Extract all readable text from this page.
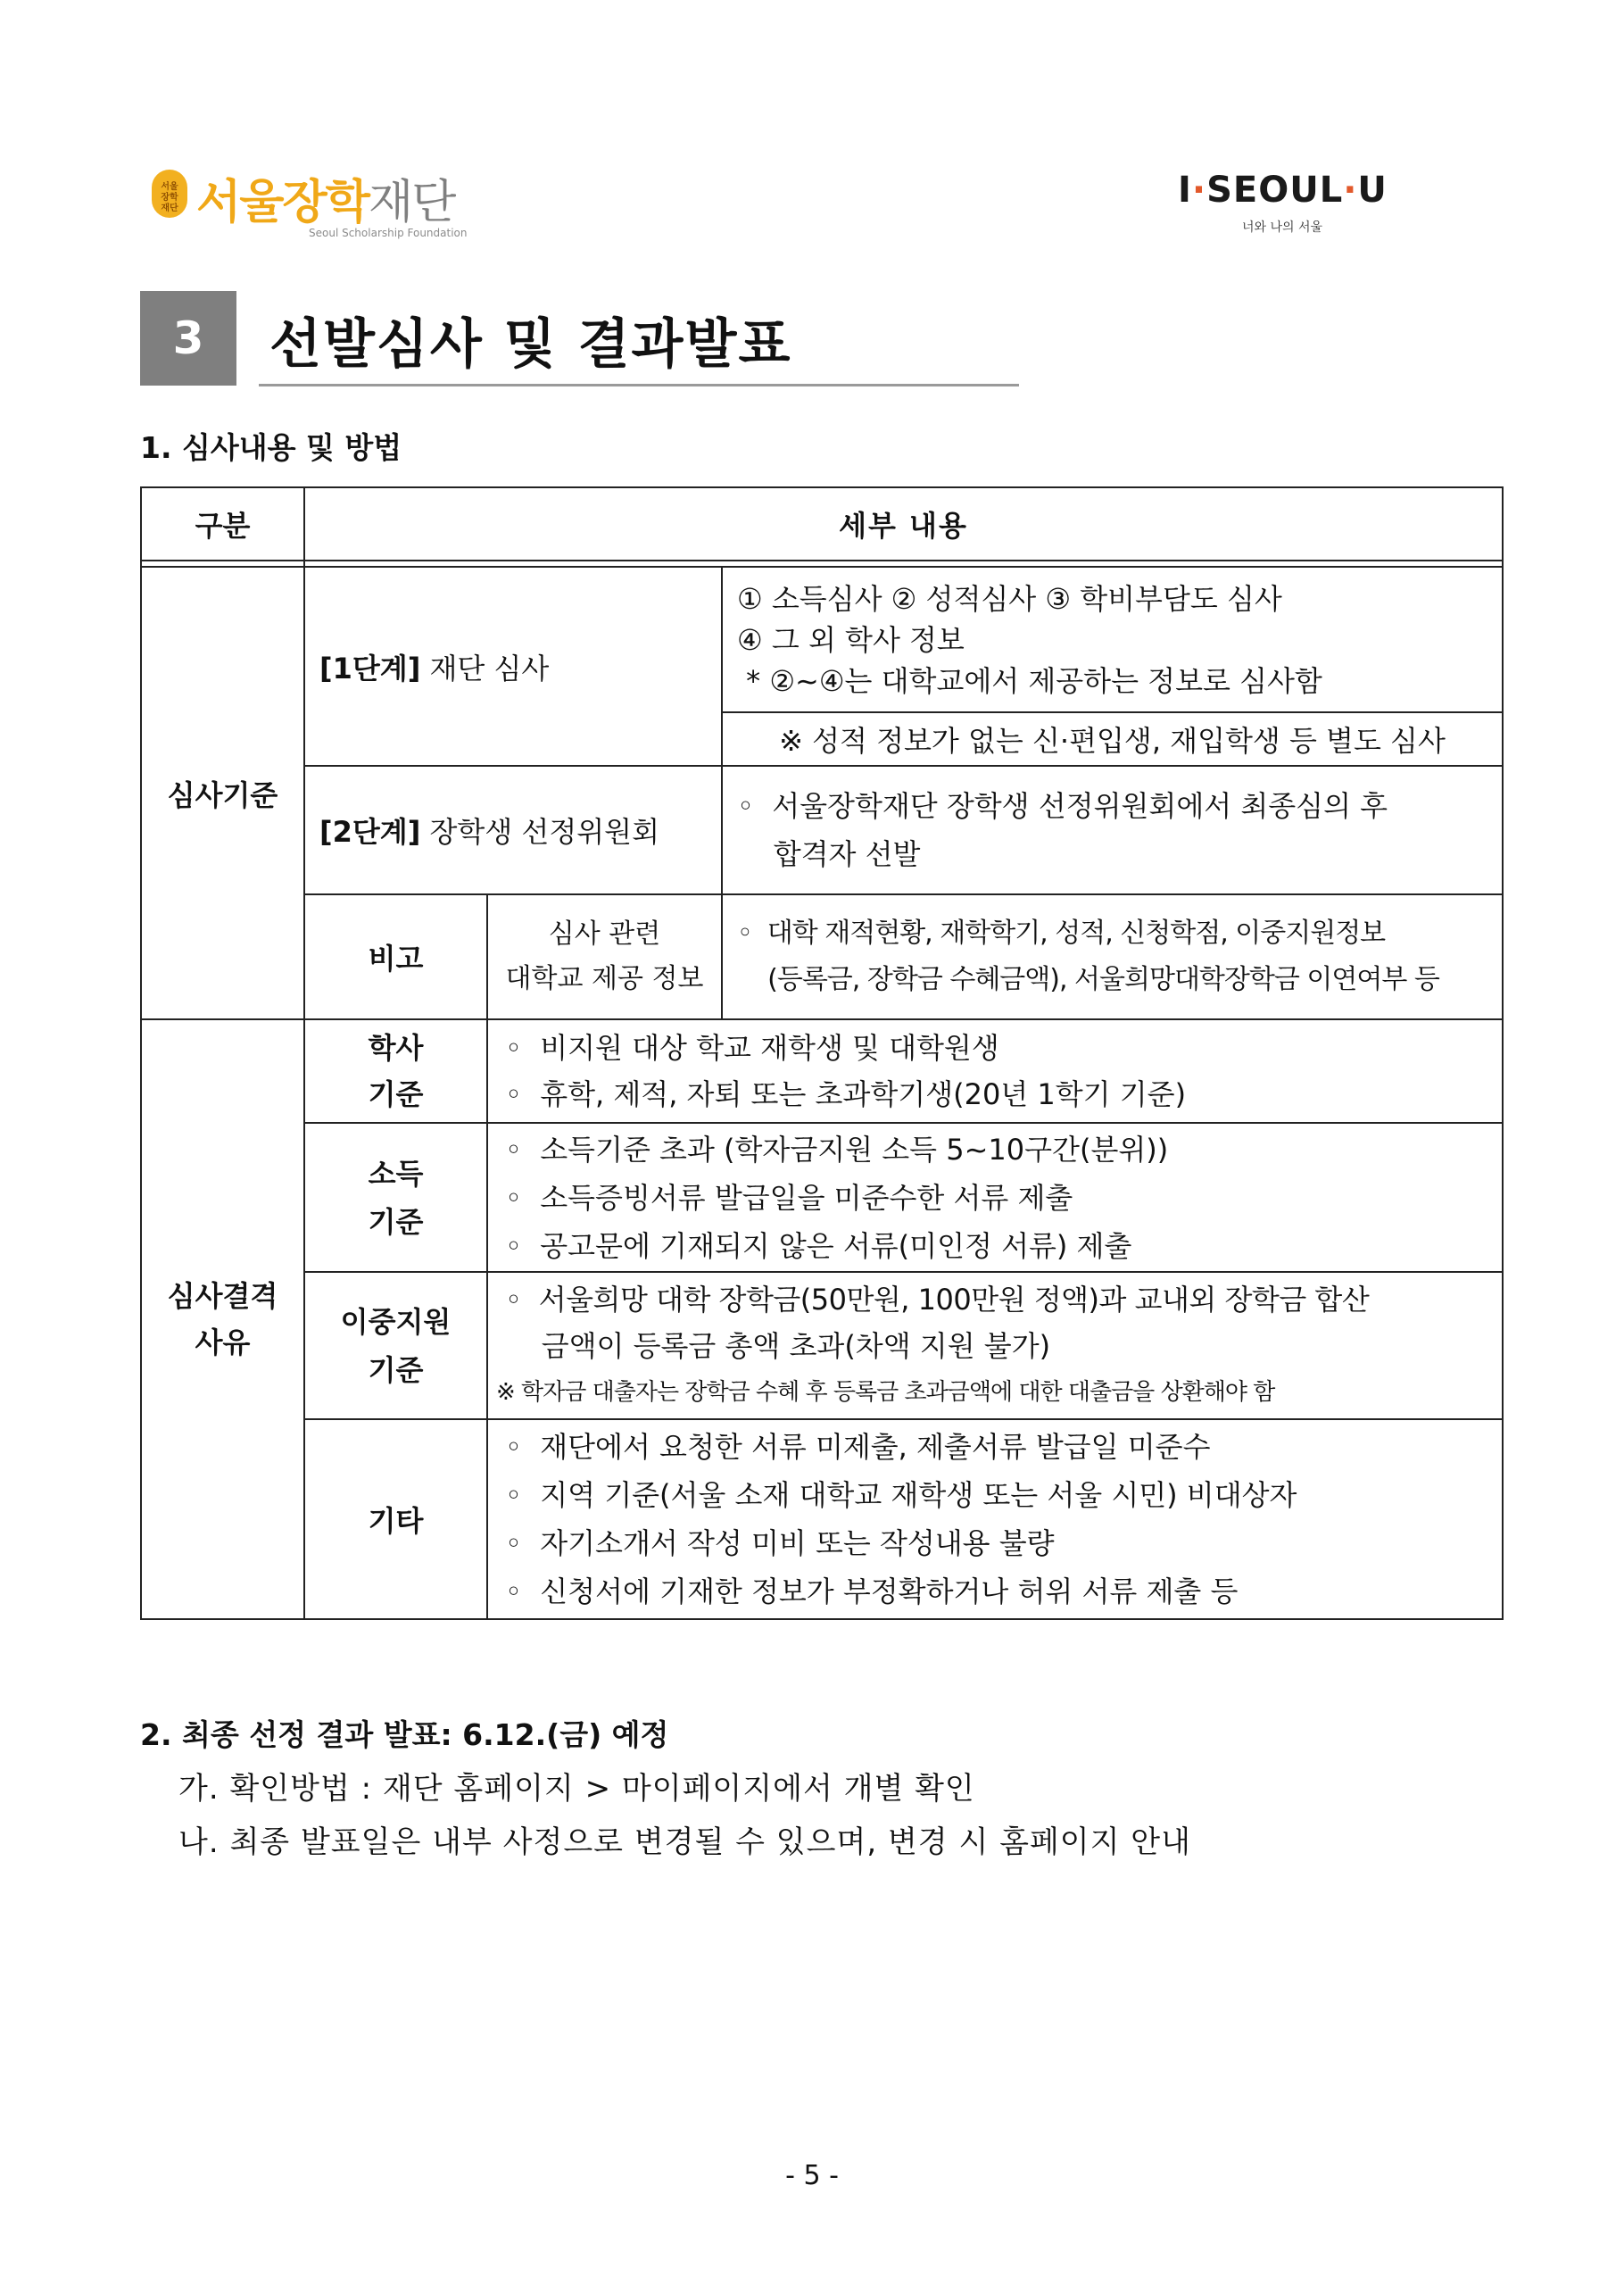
서울
장학
재단 서울장학재단
Seoul Scholarship Foundation
I·SEOUL·U
너와 나의 서울
3	선발심사 및 결과발표
1. 심사내용 및 방법
구분	세부 내용
심사기준
[1단계] 재단 심사
① 소득심사 ② 성적심사 ③ 학비부담도 심사
④ 그 외 학사 정보
* ②~④는 대학교에서 제공하는 정보로 심사함
※ 성적 정보가 없는 신·편입생, 재입학생 등 별도 심사
[2단계] 장학생 선정위원회
◦  서울장학재단 장학생 선정위원회에서 최종심의 후
합격자 선발
비고
심사 관련
대학교 제공 정보
◦  대학 재적현황, 재학학기, 성적, 신청학점, 이중지원정보
(등록금, 장학금 수혜금액), 서울희망대학장학금 이연여부 등
심사결격
사유
학사
기준
◦  비지원 대상 학교 재학생 및 대학원생
◦  휴학, 제적, 자퇴 또는 초과학기생(20년 1학기 기준)
소득
기준
◦  소득기준 초과 (학자금지원 소득 5~10구간(분위))
◦  소득증빙서류 발급일을 미준수한 서류 제출
◦  공고문에 기재되지 않은 서류(미인정 서류) 제출
이중지원
기준
◦  서울희망 대학 장학금(50만원, 100만원 정액)과 교내외 장학금 합산
금액이 등록금 총액 초과(차액 지원 불가)
※ 학자금 대출자는 장학금 수혜 후 등록금 초과금액에 대한 대출금을 상환해야 함
기타
◦  재단에서 요청한 서류 미제출, 제출서류 발급일 미준수
◦  지역 기준(서울 소재 대학교 재학생 또는 서울 시민) 비대상자
◦  자기소개서 작성 미비 또는 작성내용 불량
◦  신청서에 기재한 정보가 부정확하거나 허위 서류 제출 등
2. 최종 선정 결과 발표: 6.12.(금) 예정
가. 확인방법 : 재단 홈페이지 > 마이페이지에서 개별 확인
나. 최종 발표일은 내부 사정으로 변경될 수 있으며, 변경 시 홈페이지 안내
- 5 -
